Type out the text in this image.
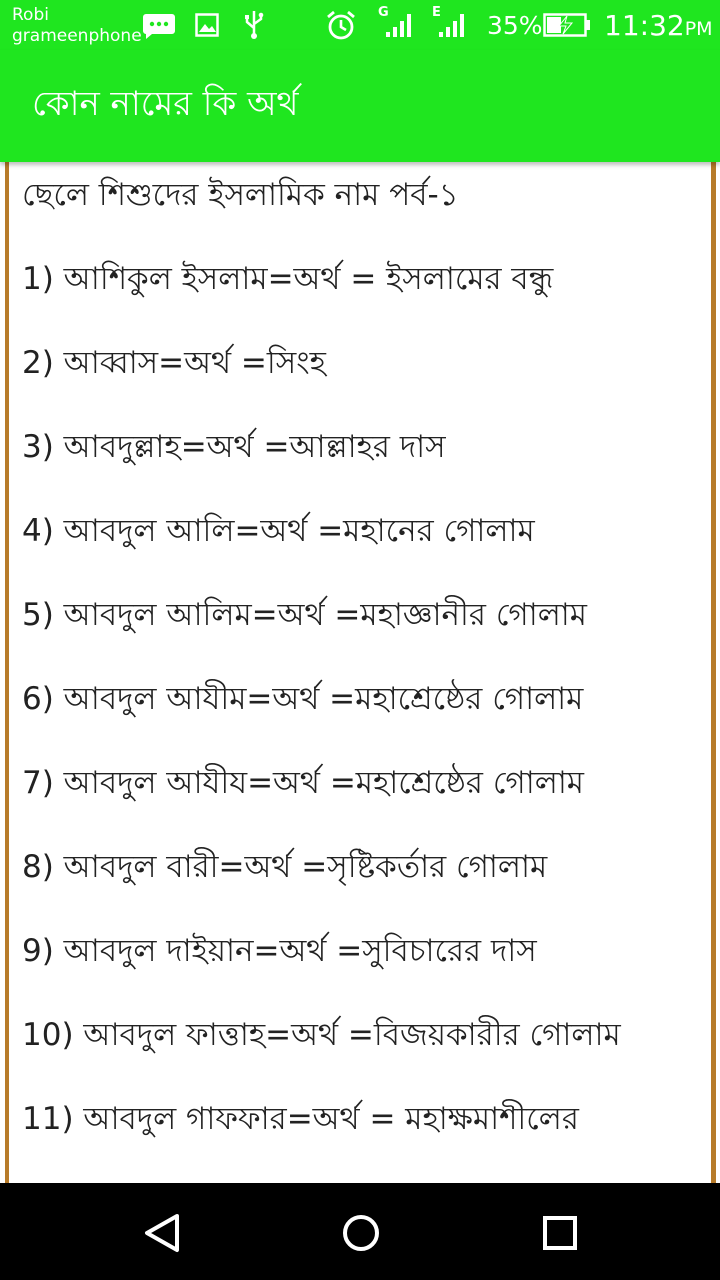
Robi
grameenphone
G	E 35% 11:32PM
কোন নামের কি অর্থ

ছেলে শিশুদের ইসলামিক নাম পর্ব-১

1) আশিকুল ইসলাম=অর্থ = ইসলামের বন্ধু

2) আব্বাস=অর্থ =সিংহ

3) আবদুল্লাহ=অর্থ =আল্লাহর দাস

4) আবদুল আলি=অর্থ =মহানের গোলাম

5) আবদুল আলিম=অর্থ =মহাজ্ঞানীর গোলাম

6) আবদুল আযীম=অর্থ =মহাশ্রেষ্ঠের গোলাম

7) আবদুল আযীয=অর্থ =মহাশ্রেষ্ঠের গোলাম

8) আবদুল বারী=অর্থ =সৃষ্টিকর্তার গোলাম

9) আবদুল দাইয়ান=অর্থ =সুবিচারের দাস

10) আবদুল ফাত্তাহ=অর্থ =বিজয়কারীর গোলাম

11) আবদুল গাফফার=অর্থ = মহাক্ষমাশীলের
